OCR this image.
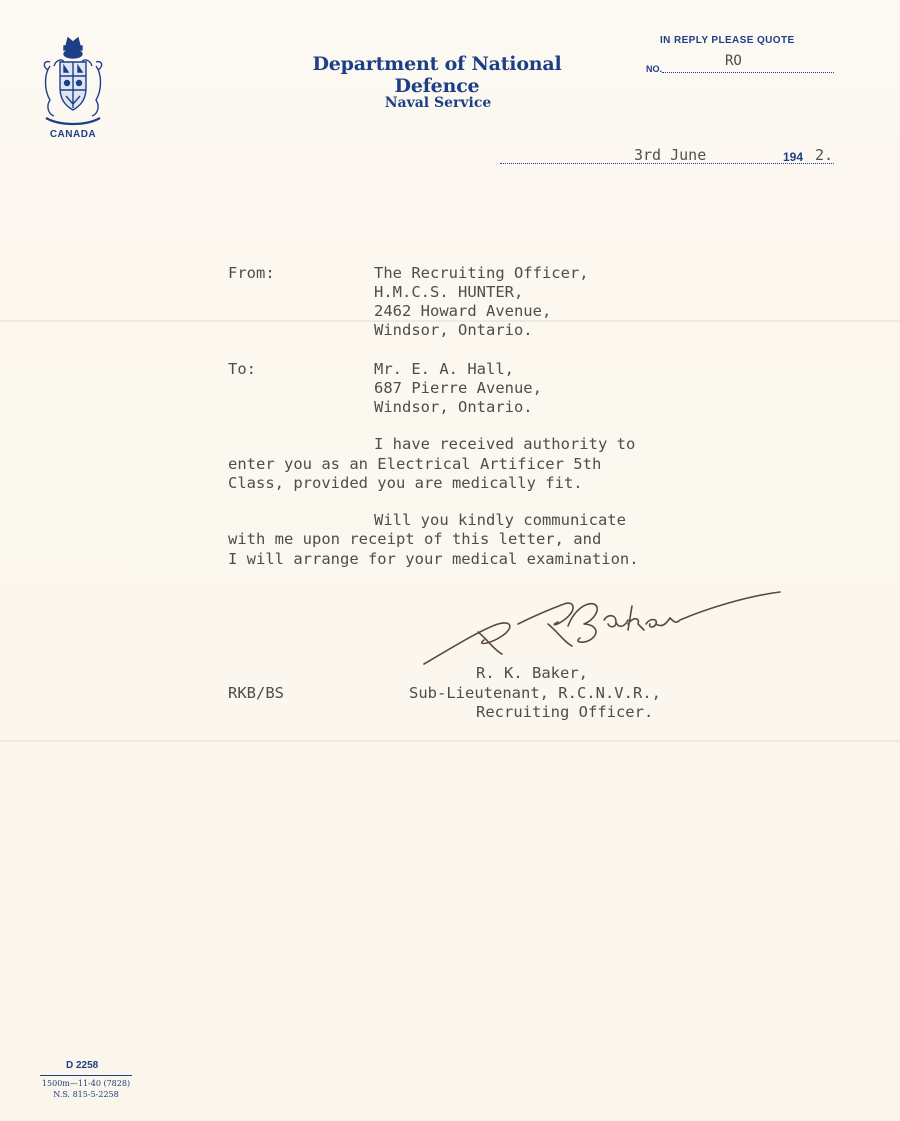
CANADA
Department of National Defence
Naval Service
IN REPLY PLEASE QUOTE
NO.	RO
3rd June	194 2.
From:	The Recruiting Officer,
H.M.C.S. HUNTER,
2462 Howard Avenue,
Windsor, Ontario.
To:	Mr. E. A. Hall,
687 Pierre Avenue,
Windsor, Ontario.
I have received authority to
enter you as an Electrical Artificer 5th
Class, provided you are medically fit.
Will you kindly communicate
with me upon receipt of this letter, and
I will arrange for your medical examination.
R. K. Baker,
RKB/BS	Sub-Lieutenant, R.C.N.V.R.,
Recruiting Officer.
D 2258
1500m—11-40 (7828)
N.S. 815-5-2258
